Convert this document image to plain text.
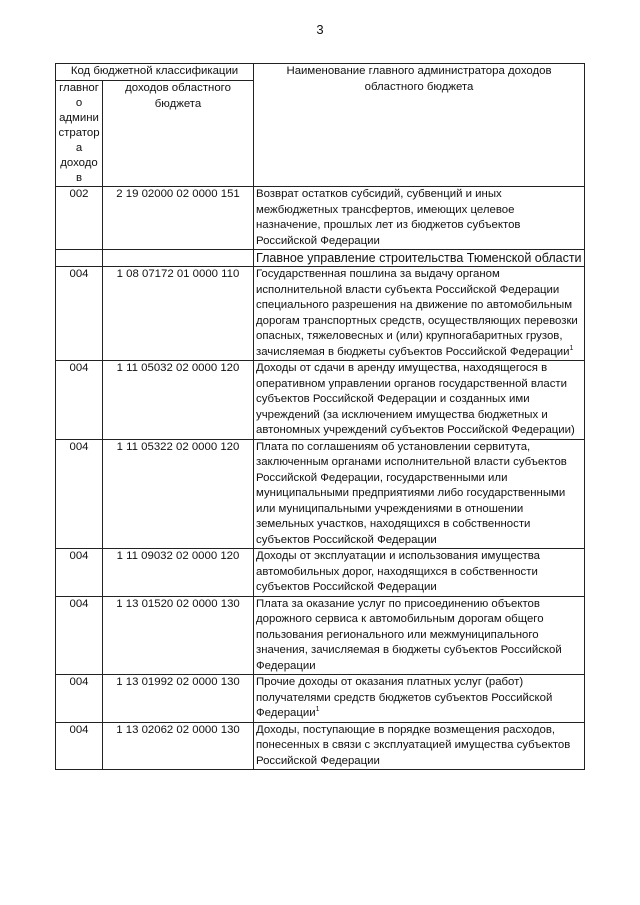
3
Код бюджетной классификации		Наименование главного администратора доходов областного бюджета
главного администратора доходов	доходов областного бюджета	
002	2 19 02000 02 0000 151	Возврат остатков субсидий, субвенций и иных межбюджетных трансфертов, имеющих целевое назначение, прошлых лет из бюджетов субъектов Российской Федерации
		Главное управление строительства Тюменской области
004	1 08 07172 01 0000 110	Государственная пошлина за выдачу органом исполнительной власти субъекта Российской Федерации специального разрешения на движение по автомобильным дорогам транспортных средств, осуществляющих перевозки опасных, тяжеловесных и (или) крупногабаритных грузов, зачисляемая в бюджеты субъектов Российской Федерации$^1$
004	1 11 05032 02 0000 120	Доходы от сдачи в аренду имущества, находящегося в оперативном управлении органов государственной власти субъектов Российской Федерации и созданных ими учреждений (за исключением имущества бюджетных и автономных учреждений субъектов Российской Федерации)
004	1 11 05322 02 0000 120	Плата по соглашениям об установлении сервитута, заключенным органами исполнительной власти субъектов Российской Федерации, государственными или муниципальными предприятиями либо государственными или муниципальными учреждениями в отношении земельных участков, находящихся в собственности субъектов Российской Федерации
004	1 11 09032 02 0000 120	Доходы от эксплуатации и использования имущества автомобильных дорог, находящихся в собственности субъектов Российской Федерации
004	1 13 01520 02 0000 130	Плата за оказание услуг по присоединению объектов дорожного сервиса к автомобильным дорогам общего пользования регионального или межмуниципального значения, зачисляемая в бюджеты субъектов Российской Федерации
004	1 13 01992 02 0000 130	Прочие доходы от оказания платных услуг (работ) получателями средств бюджетов субъектов Российской Федерации$^1$
004	1 13 02062 02 0000 130	Доходы, поступающие в порядке возмещения расходов, понесенных в связи с эксплуатацией имущества субъектов Российской Федерации
